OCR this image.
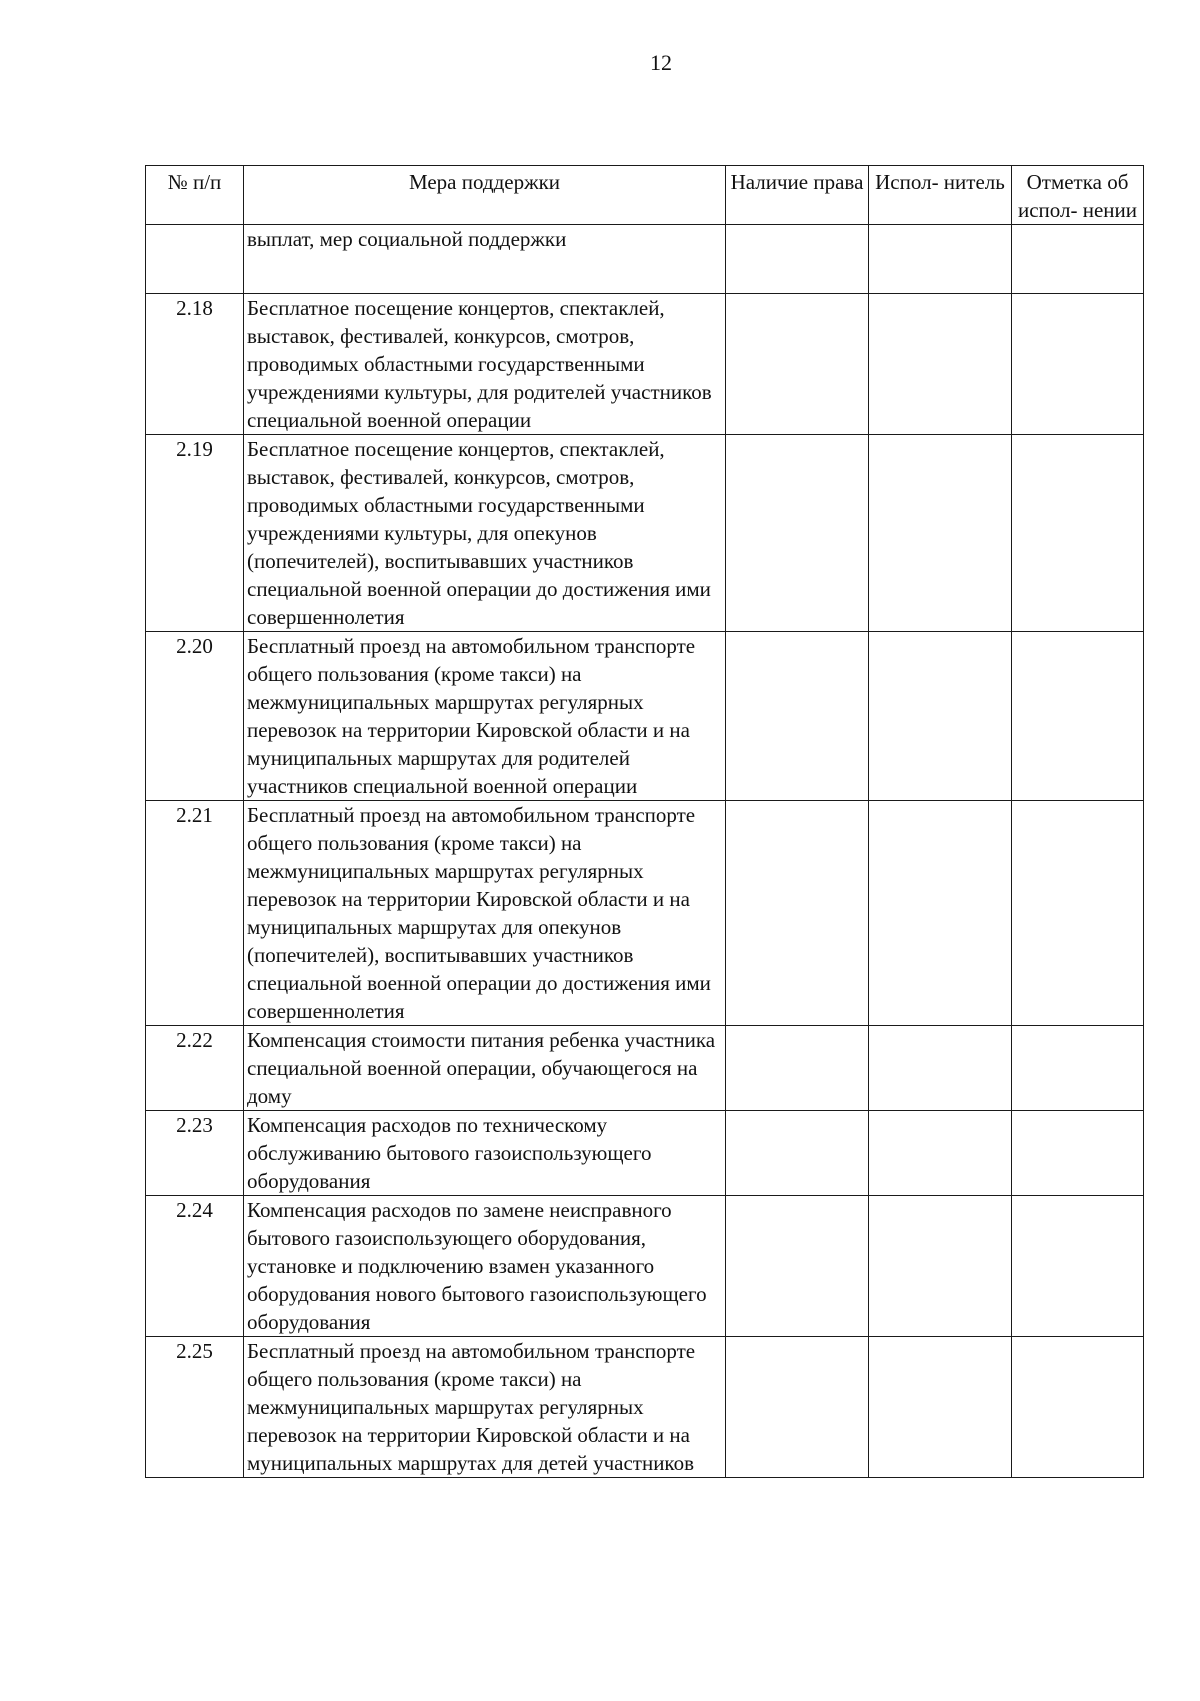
12
№ п/п	Мера поддержки	Наличие права	Испол- нитель	Отметка об испол- нении
	выплат, мер социальной поддержки			
2.18	Бесплатное посещение концертов, спектаклей, выставок, фестивалей, конкурсов, смотров, проводимых областными государственными учреждениями культуры, для родителей участников специальной военной операции			
2.19	Бесплатное посещение концертов, спектаклей, выставок, фестивалей, конкурсов, смотров, проводимых областными государственными учреждениями культуры, для опекунов (попечителей), воспитывавших участников специальной военной операции до достижения ими совершеннолетия			
2.20	Бесплатный проезд на автомобильном транспорте общего пользования (кроме такси) на межмуниципальных маршрутах регулярных перевозок на территории Кировской области и на муниципальных маршрутах для родителей участников специальной военной операции			
2.21	Бесплатный проезд на автомобильном транспорте общего пользования (кроме такси) на межмуниципальных маршрутах регулярных перевозок на территории Кировской области и на муниципальных маршрутах для опекунов (попечителей), воспитывавших участников специальной военной операции до достижения ими совершеннолетия			
2.22	Компенсация стоимости питания ребенка участника специальной военной операции, обучающегося на дому			
2.23	Компенсация расходов по техническому обслуживанию бытового газоиспользующего оборудования			
2.24	Компенсация расходов по замене неисправного бытового газоиспользующего оборудования, установке и подключению взамен указанного оборудования нового бытового газоиспользующего оборудования			
2.25	Бесплатный проезд на автомобильном транспорте общего пользования (кроме такси) на межмуниципальных маршрутах регулярных перевозок на территории Кировской области и на муниципальных маршрутах для детей участников			
